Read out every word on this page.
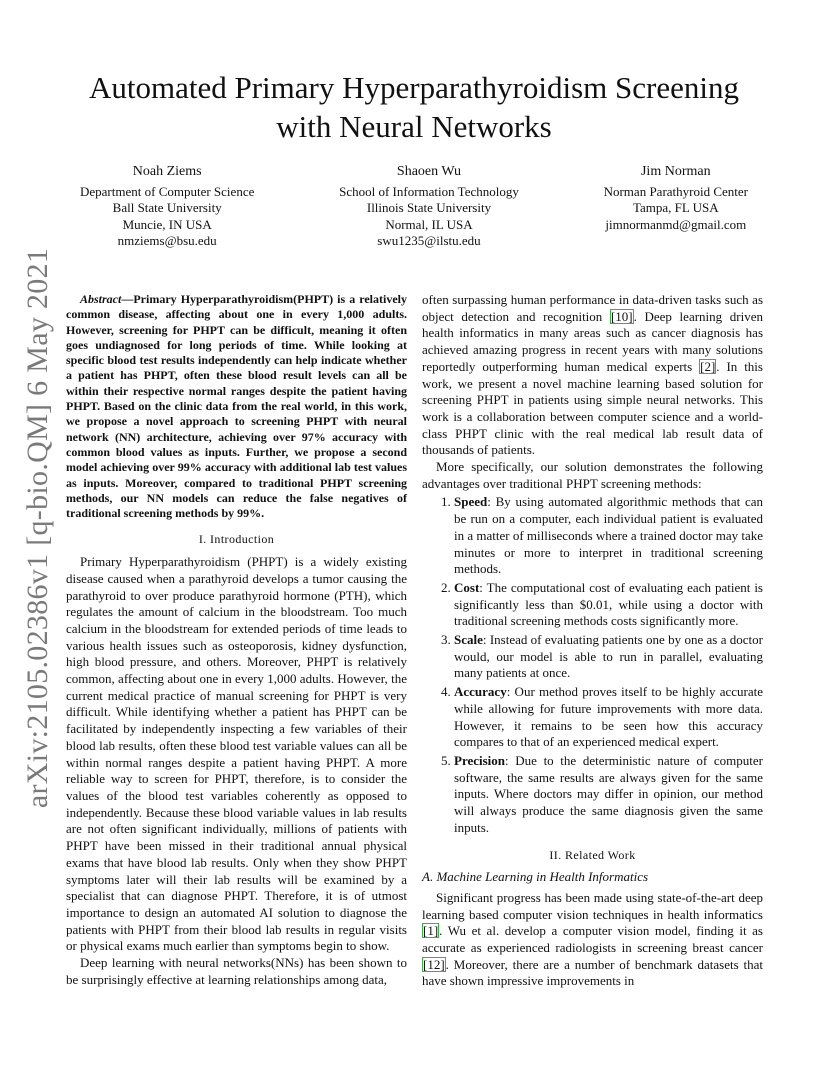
arXiv:2105.02386v1 [q-bio.QM] 6 May 2021
Automated Primary Hyperparathyroidism Screening with Neural Networks
Noah Ziems
Department of Computer Science
Ball State University
Muncie, IN USA
nmziems@bsu.edu
Shaoen Wu
School of Information Technology
Illinois State University
Normal, IL USA
swu1235@ilstu.edu
Jim Norman
Norman Parathyroid Center
Tampa, FL USA
jimnormanmd@gmail.com

Abstract—Primary Hyperparathyroidism(PHPT) is a relatively common disease, affecting about one in every 1,000 adults. However, screening for PHPT can be difficult, meaning it often goes undiagnosed for long periods of time. While looking at specific blood test results independently can help indicate whether a patient has PHPT, often these blood result levels can all be within their respective normal ranges despite the patient having PHPT. Based on the clinic data from the real world, in this work, we propose a novel approach to screening PHPT with neural network (NN) architecture, achieving over 97% accuracy with common blood values as inputs. Further, we propose a second model achieving over 99% accuracy with additional lab test values as inputs. Moreover, compared to traditional PHPT screening methods, our NN models can reduce the false negatives of traditional screening methods by 99%.

I. Introduction

Primary Hyperparathyroidism (PHPT) is a widely existing disease caused when a parathyroid develops a tumor causing the parathyroid to over produce parathyroid hormone (PTH), which regulates the amount of calcium in the bloodstream. Too much calcium in the bloodstream for extended periods of time leads to various health issues such as osteoporosis, kidney dysfunction, high blood pressure, and others. Moreover, PHPT is relatively common, affecting about one in every 1,000 adults. However, the current medical practice of manual screening for PHPT is very difficult. While identifying whether a patient has PHPT can be facilitated by independently inspecting a few variables of their blood lab results, often these blood test variable values can all be within normal ranges despite a patient having PHPT. A more reliable way to screen for PHPT, therefore, is to consider the values of the blood test variables coherently as opposed to independently. Because these blood variable values in lab results are not often significant individually, millions of patients with PHPT have been missed in their traditional annual physical exams that have blood lab results. Only when they show PHPT symptoms later will their lab results will be examined by a specialist that can diagnose PHPT. Therefore, it is of utmost importance to design an automated AI solution to diagnose the patients with PHPT from their blood lab results in regular visits or physical exams much earlier than symptoms begin to show.

Deep learning with neural networks(NNs) has been shown to be surprisingly effective at learning relationships among data,

often surpassing human performance in data-driven tasks such as object detection and recognition [10]. Deep learning driven health informatics in many areas such as cancer diagnosis has achieved amazing progress in recent years with many solutions reportedly outperforming human medical experts [2]. In this work, we present a novel machine learning based solution for screening PHPT in patients using simple neural networks. This work is a collaboration between computer science and a world-class PHPT clinic with the real medical lab result data of thousands of patients.

More specifically, our solution demonstrates the following advantages over traditional PHPT screening methods:

1. Speed: By using automated algorithmic methods that can be run on a computer, each individual patient is evaluated in a matter of milliseconds where a trained doctor may take minutes or more to interpret in traditional screening methods.
2. Cost: The computational cost of evaluating each patient is significantly less than $0.01, while using a doctor with traditional screening methods costs significantly more.
3. Scale: Instead of evaluating patients one by one as a doctor would, our model is able to run in parallel, evaluating many patients at once.
4. Accuracy: Our method proves itself to be highly accurate while allowing for future improvements with more data. However, it remains to be seen how this accuracy compares to that of an experienced medical expert.
5. Precision: Due to the deterministic nature of computer software, the same results are always given for the same inputs. Where doctors may differ in opinion, our method will always produce the same diagnosis given the same inputs.
II. Related Work
A. Machine Learning in Health Informatics

Significant progress has been made using state-of-the-art deep learning based computer vision techniques in health informatics [1]. Wu et al. develop a computer vision model, finding it as accurate as experienced radiologists in screening breast cancer [12]. Moreover, there are a number of benchmark datasets that have shown impressive improvements in
